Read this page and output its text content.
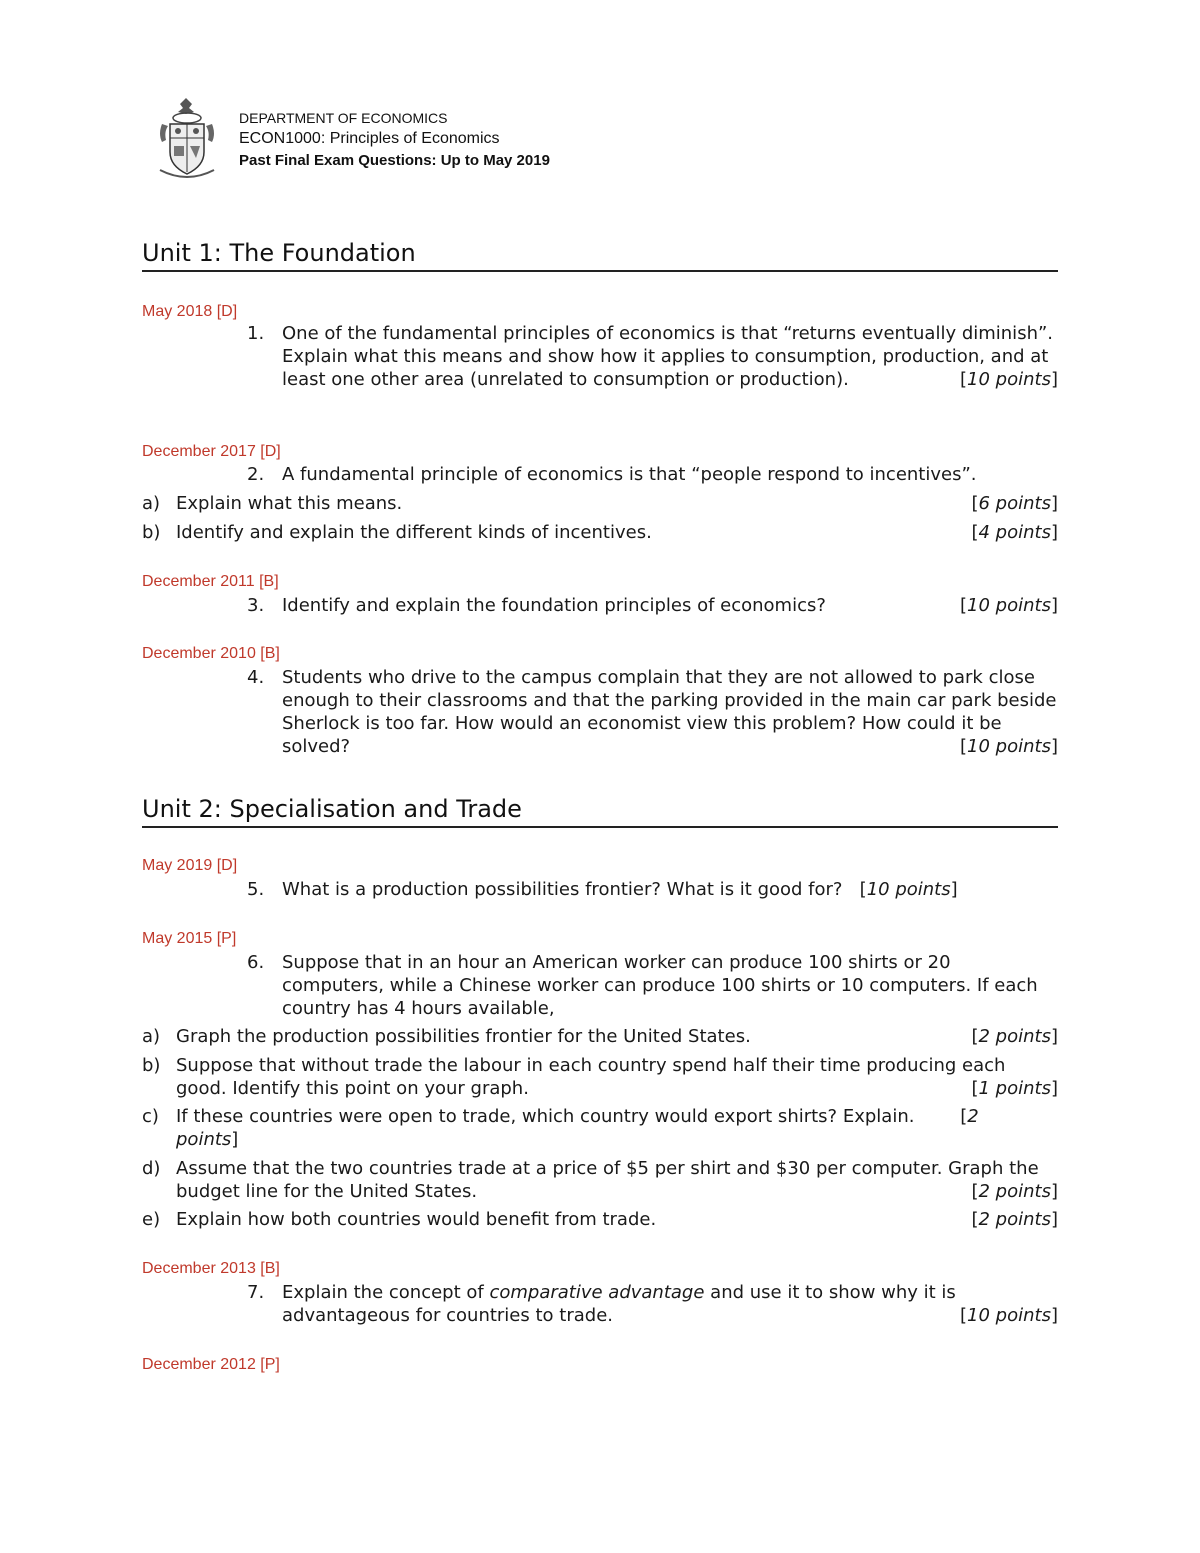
DEPARTMENT OF ECONOMICS
ECON1000: Principles of Economics
Past Final Exam Questions: Up to May 2019
Unit 1: The Foundation
May 2018 [D]
1. One of the fundamental principles of economics is that “returns eventually diminish”. Explain what this means and show how it applies to consumption, production, and at least one other area (unrelated to consumption or production).	[10 points]
December 2017 [D]
2. A fundamental principle of economics is that “people respond to incentives”.
a) Explain what this means.	[6 points]
b) Identify and explain the different kinds of incentives.	[4 points]
December 2011 [B]
3. Identify and explain the foundation principles of economics?	[10 points]
December 2010 [B]
4. Students who drive to the campus complain that they are not allowed to park close enough to their classrooms and that the parking provided in the main car park beside Sherlock is too far. How would an economist view this problem? How could it be solved?	[10 points]
Unit 2: Specialisation and Trade
May 2019 [D]
5. What is a production possibilities frontier? What is it good for? [10 points]
May 2015 [P]
6. Suppose that in an hour an American worker can produce 100 shirts or 20 computers, while a Chinese worker can produce 100 shirts or 10 computers. If each country has 4 hours available,
a) Graph the production possibilities frontier for the United States.	[2 points]
b) Suppose that without trade the labour in each country spend half their time producing each good. Identify this point on your graph.	[1 points]
c) If these countries were open to trade, which country would export shirts? Explain.	[2 points]
d) Assume that the two countries trade at a price of $5 per shirt and $30 per computer. Graph the budget line for the United States.	[2 points]
e) Explain how both countries would benefit from trade.	[2 points]
December 2013 [B]
7. Explain the concept of comparative advantage and use it to show why it is advantageous for countries to trade.	[10 points]
December 2012 [P]
